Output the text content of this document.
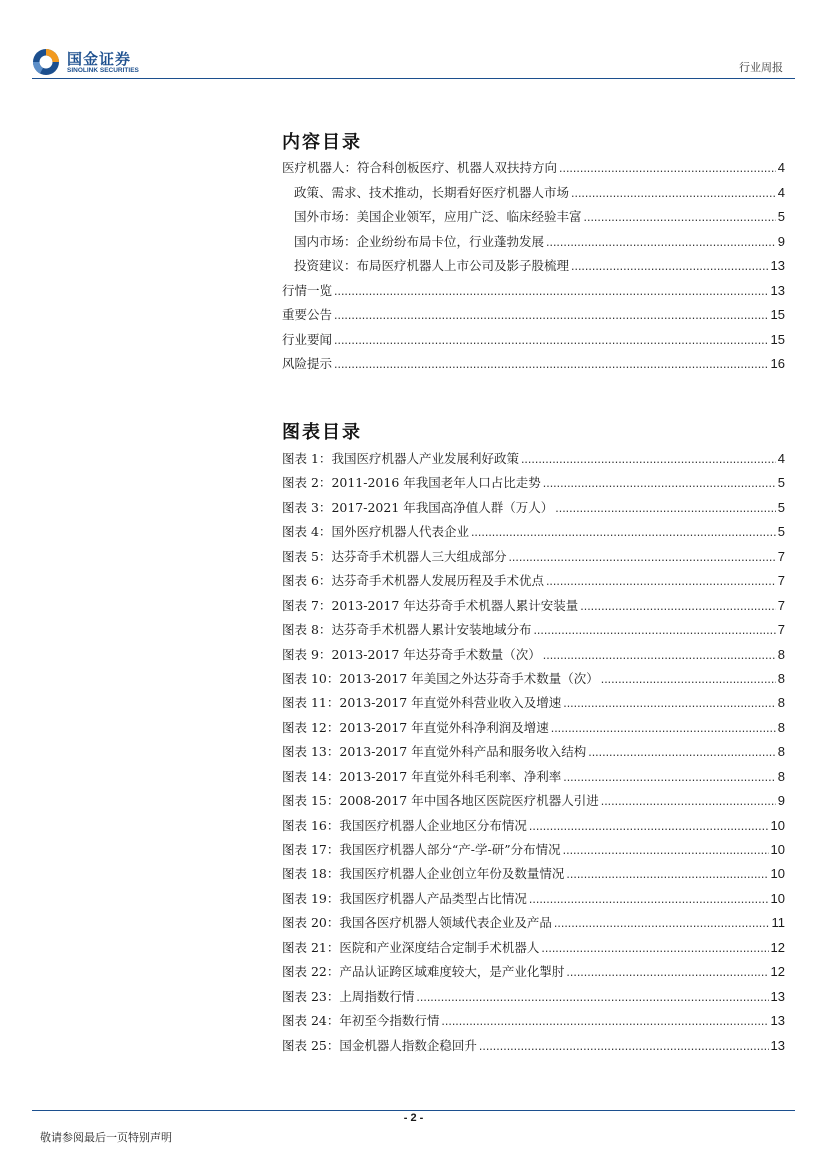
国金证券
SINOLINK SECURITIES	行业周报
内容目录
医疗机器人：符合科创板医疗、机器人双扶持方向 .....	4
政策、需求、技术推动，长期看好医疗机器人市场 .....	4
国外市场：美国企业领军，应用广泛、临床经验丰富 .....	5
国内市场：企业纷纷布局卡位，行业蓬勃发展 .....	9
投资建议：布局医疗机器人上市公司及影子股梳理 .....	13
行情一览 .....	13
重要公告 .....	15
行业要闻 .....	15
风险提示 .....	16
图表目录
图表 1： 我国医疗机器人产业发展利好政策 .....	4
图表 2： 2011-2016 年我国老年人口占比走势 .....	5
图表 3： 2017-2021 年我国高净值人群（万人） .....	5
图表 4： 国外医疗机器人代表企业 .....	5
图表 5： 达芬奇手术机器人三大组成部分 .....	7
图表 6： 达芬奇手术机器人发展历程及手术优点 .....	7
图表 7： 2013-2017 年达芬奇手术机器人累计安装量 .....	7
图表 8： 达芬奇手术机器人累计安装地域分布 .....	7
图表 9： 2013-2017 年达芬奇手术数量（次） .....	8
图表 10： 2013-2017 年美国之外达芬奇手术数量（次） .....	8
图表 11： 2013-2017 年直觉外科营业收入及增速 .....	8
图表 12： 2013-2017 年直觉外科净利润及增速 .....	8
图表 13： 2013-2017 年直觉外科产品和服务收入结构 .....	8
图表 14： 2013-2017 年直觉外科毛利率、净利率 .....	8
图表 15： 2008-2017 年中国各地区医院医疗机器人引进 .....	9
图表 16： 我国医疗机器人企业地区分布情况 .....	10
图表 17： 我国医疗机器人部分“产-学-研”分布情况 .....	10
图表 18： 我国医疗机器人企业创立年份及数量情况 .....	10
图表 19： 我国医疗机器人产品类型占比情况 .....	10
图表 20： 我国各医疗机器人领域代表企业及产品 .....	11
图表 21： 医院和产业深度结合定制手术机器人 .....	12
图表 22： 产品认证跨区域难度较大，是产业化掣肘 .....	12
图表 23： 上周指数行情 .....	13
图表 24： 年初至今指数行情 .....	13
图表 25： 国金机器人指数企稳回升 .....	13
- 2 -
敬请参阅最后一页特别声明
